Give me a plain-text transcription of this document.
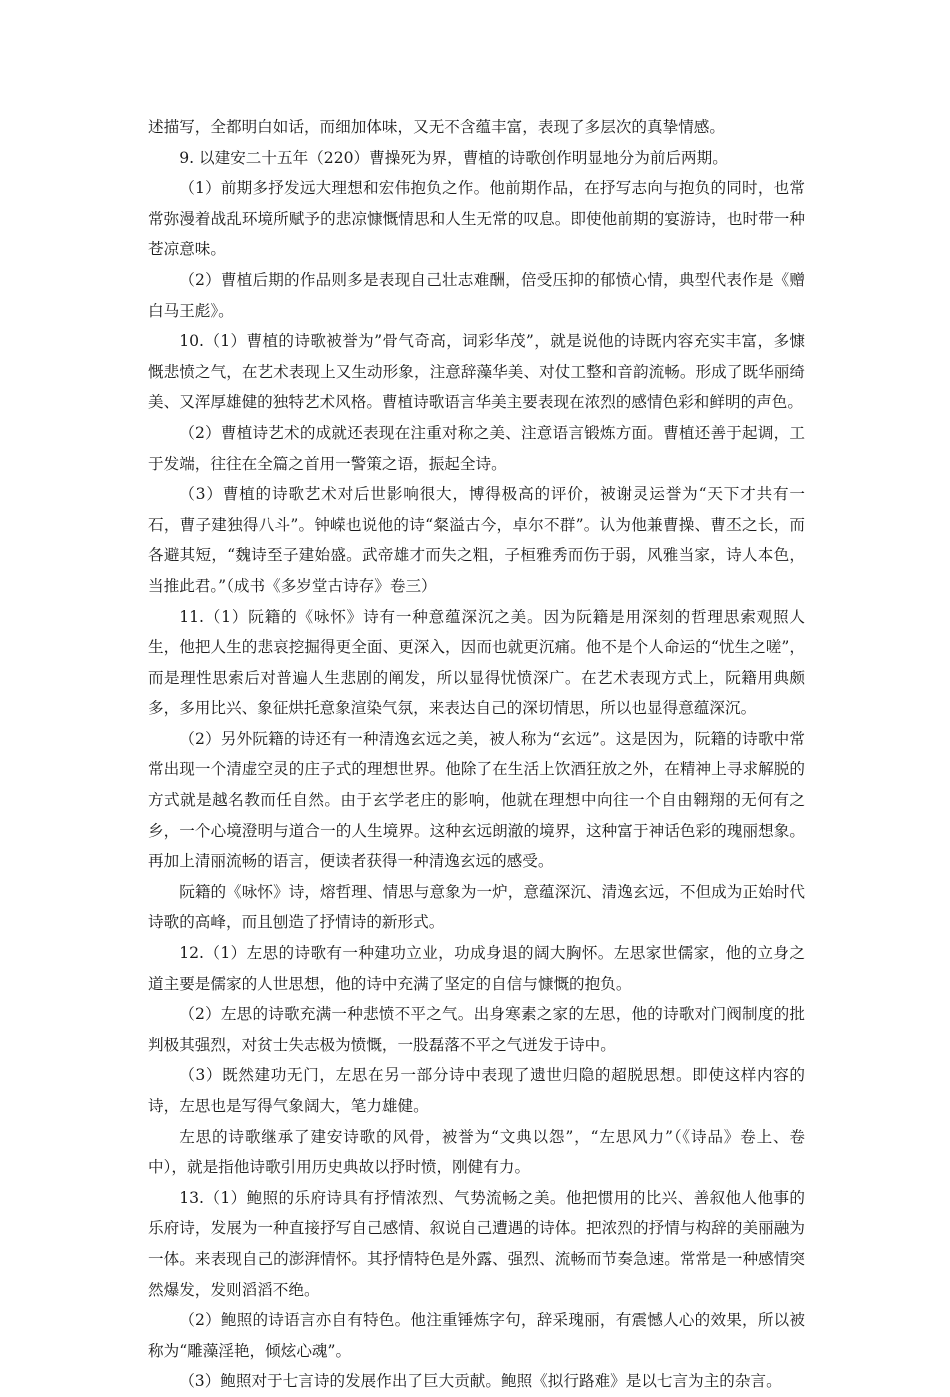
述描写，全都明白如话，而细加体味，又无不含蕴丰富，表现了多层次的真挚情感。

9. 以建安二十五年（220）曹操死为界，曹植的诗歌创作明显地分为前后两期。

（1）前期多抒发远大理想和宏伟抱负之作。他前期作品，在抒写志向与抱负的同时，也常常弥漫着战乱环境所赋予的悲凉慷慨情思和人生无常的叹息。即使他前期的宴游诗，也时带一种苍凉意味。

（2）曹植后期的作品则多是表现自己壮志难酬，倍受压抑的郁愤心情，典型代表作是《赠白马王彪》。

10.（1）曹植的诗歌被誉为”骨气奇高，词彩华茂”，就是说他的诗既内容充实丰富，多慷慨悲愤之气，在艺术表现上又生动形象，注意辞藻华美、对仗工整和音韵流畅。形成了既华丽绮美、又浑厚雄健的独特艺术风格。曹植诗歌语言华美主要表现在浓烈的感情色彩和鲜明的声色。

（2）曹植诗艺术的成就还表现在注重对称之美、注意语言锻炼方面。曹植还善于起调，工于发端，往往在全篇之首用一警策之语，振起全诗。

（3）曹植的诗歌艺术对后世影响很大，博得极高的评价，被谢灵运誉为“天下才共有一石，曹子建独得八斗”。钟嵘也说他的诗“粲溢古今，卓尔不群”。认为他兼曹操、曹丕之长，而各避其短，“魏诗至子建始盛。武帝雄才而失之粗，子桓雅秀而伤于弱，风雅当家，诗人本色，当推此君。”（成书《多岁堂古诗存》卷三）

11.（1）阮籍的《咏怀》诗有一种意蕴深沉之美。因为阮籍是用深刻的哲理思索观照人生，他把人生的悲哀挖掘得更全面、更深入，因而也就更沉痛。他不是个人命运的“忧生之嗟”，而是理性思索后对普遍人生悲剧的阐发，所以显得忧愤深广。在艺术表现方式上，阮籍用典颇多，多用比兴、象征烘托意象渲染气氛，来表达自己的深切情思，所以也显得意蕴深沉。

（2）另外阮籍的诗还有一种清逸玄远之美，被人称为“玄远”。这是因为，阮籍的诗歌中常常出现一个清虚空灵的庄子式的理想世界。他除了在生活上饮酒狂放之外，在精神上寻求解脱的方式就是越名教而任自然。由于玄学老庄的影响，他就在理想中向往一个自由翱翔的无何有之乡，一个心境澄明与道合一的人生境界。这种玄远朗澈的境界，这种富于神话色彩的瑰丽想象。再加上清丽流畅的语言，便读者获得一种清逸玄远的感受。

阮籍的《咏怀》诗，熔哲理、情思与意象为一炉，意蕴深沉、清逸玄远，不但成为正始时代诗歌的高峰，而且刨造了抒情诗的新形式。

12.（1）左思的诗歌有一种建功立业，功成身退的阔大胸怀。左思家世儒家，他的立身之道主要是儒家的人世思想，他的诗中充满了坚定的自信与慷慨的抱负。

（2）左思的诗歌充满一种悲愤不平之气。出身寒素之家的左思，他的诗歌对门阀制度的批判极其强烈，对贫士失志极为愤慨，一股磊落不平之气迸发于诗中。

（3）既然建功无门，左思在另一部分诗中表现了遗世归隐的超脱思想。即使这样内容的诗，左思也是写得气象阔大，笔力雄健。

左思的诗歌继承了建安诗歌的风骨，被誉为“文典以怨”，“左思风力”（《诗品》卷上、卷中），就是指他诗歌引用历史典故以抒时愤，刚健有力。

13.（1）鲍照的乐府诗具有抒情浓烈、气势流畅之美。他把惯用的比兴、善叙他人他事的乐府诗，发展为一种直接抒写自己感情、叙说自己遭遇的诗体。把浓烈的抒情与构辞的美丽融为一体。来表现自己的澎湃情怀。其抒情特色是外露、强烈、流畅而节奏急速。常常是一种感情突然爆发，发则滔滔不绝。

（2）鲍照的诗语言亦自有特色。他注重锤炼字句，辞采瑰丽，有震憾人心的效果，所以被称为“雕藻淫艳，倾炫心魂”。

（3）鲍照对于七言诗的发展作出了巨大贡献。鲍照《拟行路难》是以七言为主的杂言。
